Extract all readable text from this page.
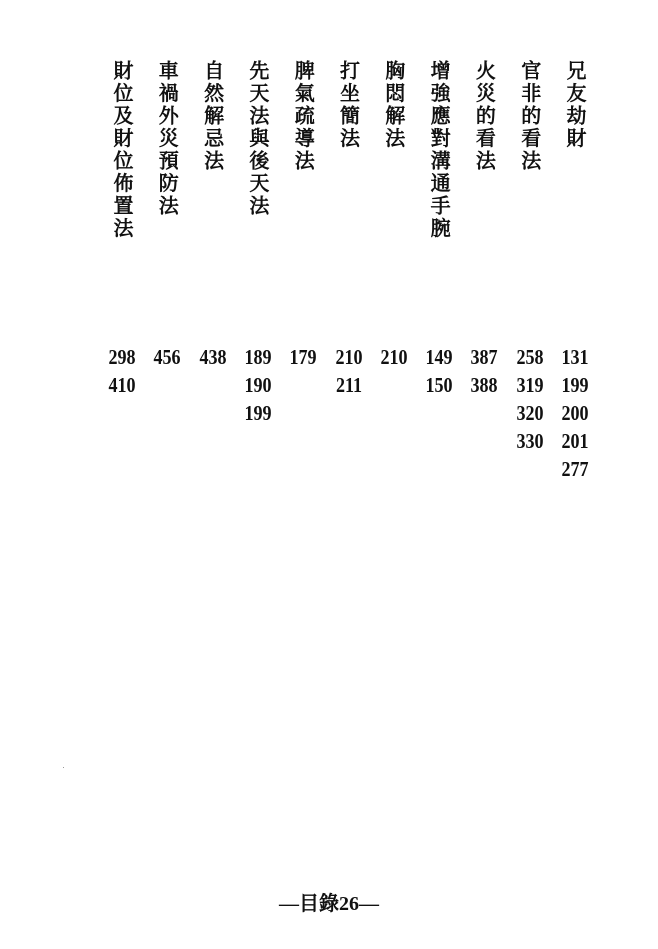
兄友劫財
131
199
200
201
277
官非的看法
258
319
320
330
火災的看法
387
388
增強應對溝通手腕
149
150
胸悶解法
210
打坐簡法
210
211
脾氣疏導法
179
先天法與後天法
189
190
199
自然解忌法
438
車禍外災預防法
456
財位及財位佈置法
298
410
—目錄26—
